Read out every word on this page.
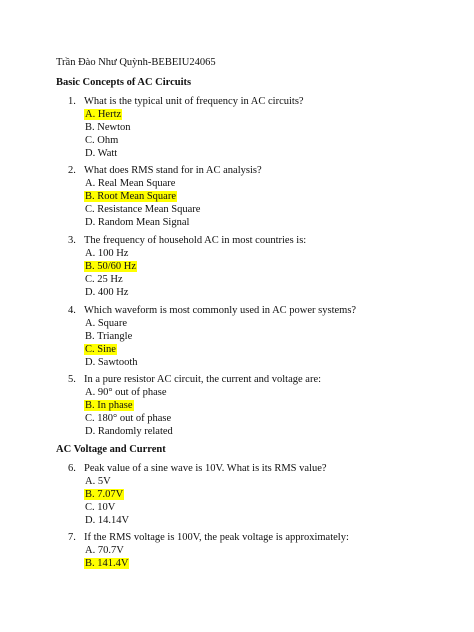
Trần Đào Như Quỳnh-BEBEIU24065
Basic Concepts of AC Circuits
1. What is the typical unit of frequency in AC circuits?
A. Hertz
B. Newton
C. Ohm
D. Watt
2. What does RMS stand for in AC analysis?
A. Real Mean Square
B. Root Mean Square
C. Resistance Mean Square
D. Random Mean Signal
3. The frequency of household AC in most countries is:
A. 100 Hz
B. 50/60 Hz
C. 25 Hz
D. 400 Hz
4. Which waveform is most commonly used in AC power systems?
A. Square
B. Triangle
C. Sine
D. Sawtooth
5. In a pure resistor AC circuit, the current and voltage are:
A. 90° out of phase
B. In phase
C. 180° out of phase
D. Randomly related
AC Voltage and Current
6. Peak value of a sine wave is 10V. What is its RMS value?
A. 5V
B. 7.07V
C. 10V
D. 14.14V
7. If the RMS voltage is 100V, the peak voltage is approximately:
A. 70.7V
B. 141.4V
